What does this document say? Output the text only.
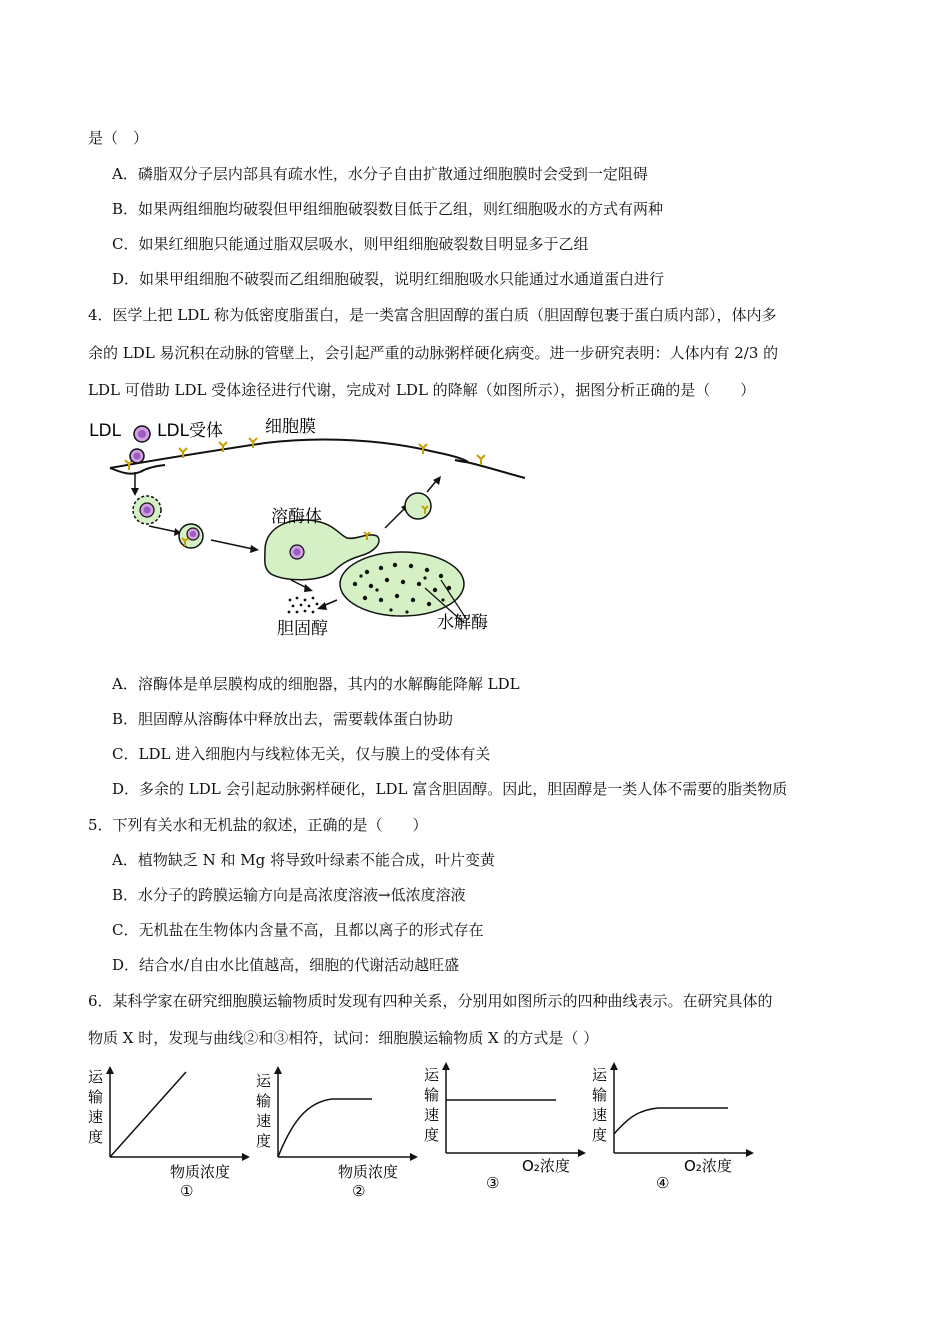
是（　）
A．磷脂双分子层内部具有疏水性，水分子自由扩散通过细胞膜时会受到一定阻碍
B．如果两组细胞均破裂但甲组细胞破裂数目低于乙组，则红细胞吸水的方式有两种
C．如果红细胞只能通过脂双层吸水，则甲组细胞破裂数目明显多于乙组
D．如果甲组细胞不破裂而乙组细胞破裂，说明红细胞吸水只能通过水通道蛋白进行
4．医学上把 LDL 称为低密度脂蛋白，是一类富含胆固醇的蛋白质（胆固醇包裹于蛋白质内部），体内多
余的 LDL 易沉积在动脉的管壁上，会引起严重的动脉粥样硬化病变。进一步研究表明：人体内有 2/3 的
LDL 可借助 LDL 受体途径进行代谢，完成对 LDL 的降解（如图所示），据图分析正确的是（　　）
LDL LDL受体 细胞膜
溶酶体
水解酶
胆固醇
A．溶酶体是单层膜构成的细胞器，其内的水解酶能降解 LDL
B．胆固醇从溶酶体中释放出去，需要载体蛋白协助
C．LDL 进入细胞内与线粒体无关，仅与膜上的受体有关
D．多余的 LDL 会引起动脉粥样硬化，LDL 富含胆固醇。因此，胆固醇是一类人体不需要的脂类物质
5．下列有关水和无机盐的叙述，正确的是（　　）
A．植物缺乏 N 和 Mg 将导致叶绿素不能合成，叶片变黄
B．水分子的跨膜运输方向是高浓度溶液→低浓度溶液
C．无机盐在生物体内含量不高，且都以离子的形式存在
D．结合水/自由水比值越高，细胞的代谢活动越旺盛
6．某科学家在研究细胞膜运输物质时发现有四种关系，分别用如图所示的四种曲线表示。在研究具体的
物质 X 时，发现与曲线②和③相符，试问：细胞膜运输物质 X 的方式是（ ）
运
输
速
度
物质浓度
①
运
输
速
度
物质浓度
②
运
输
速
度
O₂浓度
③
运
输
速
度
O₂浓度
④
